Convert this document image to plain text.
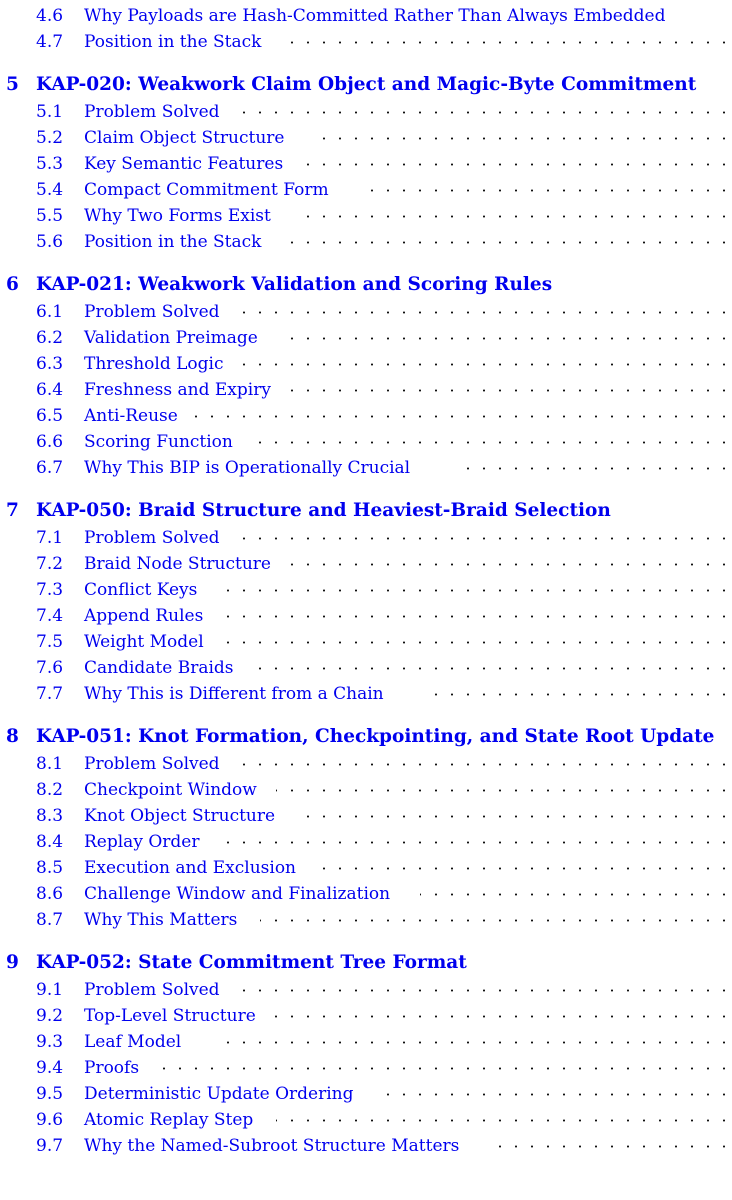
4.6 Why Payloads are Hash-Committed Rather Than Always Embedded
4.7 Position in the Stack
5 KAP-020: Weakwork Claim Object and Magic-Byte Commitment
5.1 Problem Solved
5.2 Claim Object Structure
5.3 Key Semantic Features
5.4 Compact Commitment Form
5.5 Why Two Forms Exist
5.6 Position in the Stack
6 KAP-021: Weakwork Validation and Scoring Rules
6.1 Problem Solved
6.2 Validation Preimage
6.3 Threshold Logic
6.4 Freshness and Expiry
6.5 Anti-Reuse
6.6 Scoring Function
6.7 Why This BIP is Operationally Crucial
7 KAP-050: Braid Structure and Heaviest-Braid Selection
7.1 Problem Solved
7.2 Braid Node Structure
7.3 Conflict Keys
7.4 Append Rules
7.5 Weight Model
7.6 Candidate Braids
7.7 Why This is Different from a Chain
8 KAP-051: Knot Formation, Checkpointing, and State Root Update
8.1 Problem Solved
8.2 Checkpoint Window
8.3 Knot Object Structure
8.4 Replay Order
8.5 Execution and Exclusion
8.6 Challenge Window and Finalization
8.7 Why This Matters
9 KAP-052: State Commitment Tree Format
9.1 Problem Solved
9.2 Top-Level Structure
9.3 Leaf Model
9.4 Proofs
9.5 Deterministic Update Ordering
9.6 Atomic Replay Step
9.7 Why the Named-Subroot Structure Matters
